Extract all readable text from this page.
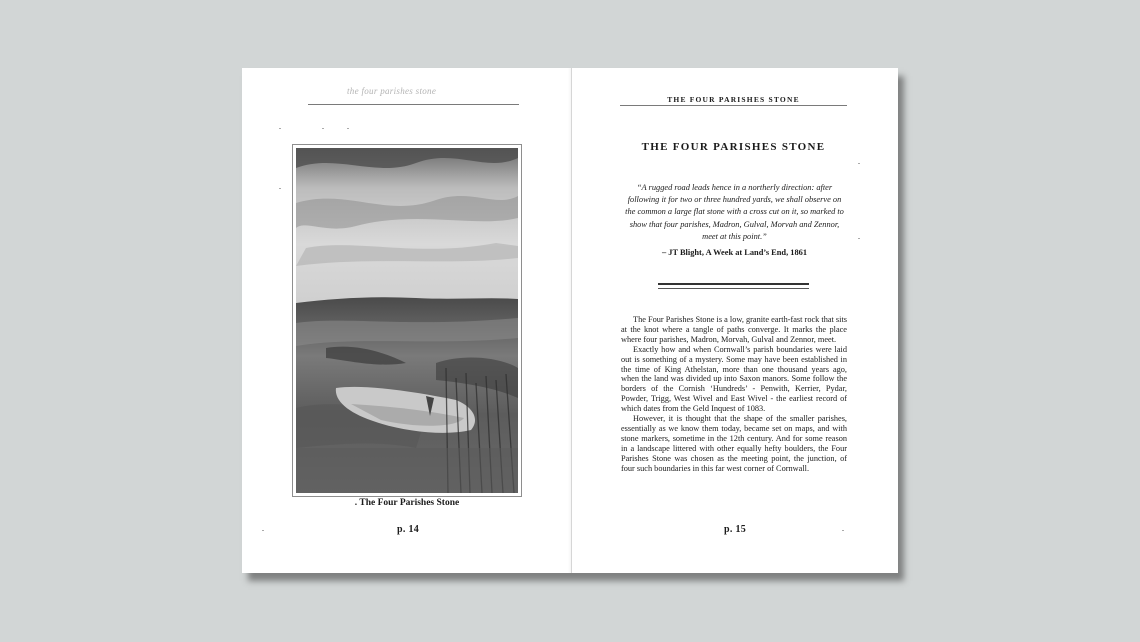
the four parishes stone
. The Four Parishes Stone
p. 14
THE FOUR PARISHES STONE
THE FOUR PARISHES STONE
“A rugged road leads hence in a northerly direction: after following it for two or three hundred yards, we shall observe on the common a large flat stone with a cross cut on it, so marked to show that four parishes, Madron, Gulval, Morvah and Zennor, meet at this point.”
– JT Blight, A Week at Land’s End, 1861

The Four Parishes Stone is a low, granite earth-fast rock that sits at the knot where a tangle of paths converge. It marks the place where four parishes, Madron, Morvah, Gulval and Zennor, meet.

Exactly how and when Cornwall’s parish boundaries were laid out is something of a mystery. Some may have been established in the time of King Athelstan, more than one thousand years ago, when the land was divided up into Saxon manors. Some follow the borders of the Cornish ‘Hundreds’ - Penwith, Kerrier, Pydar, Powder, Trigg, West Wivel and East Wivel - the earliest record of which dates from the Geld Inquest of 1083.

However, it is thought that the shape of the smaller parishes, essentially as we know them today, became set on maps, and with stone markers, sometime in the 12th century. And for some reason in a landscape littered with other equally hefty boulders, the Four Parishes Stone was chosen as the meeting point, the junction, of four such boundaries in this far west corner of Cornwall.

p. 15
